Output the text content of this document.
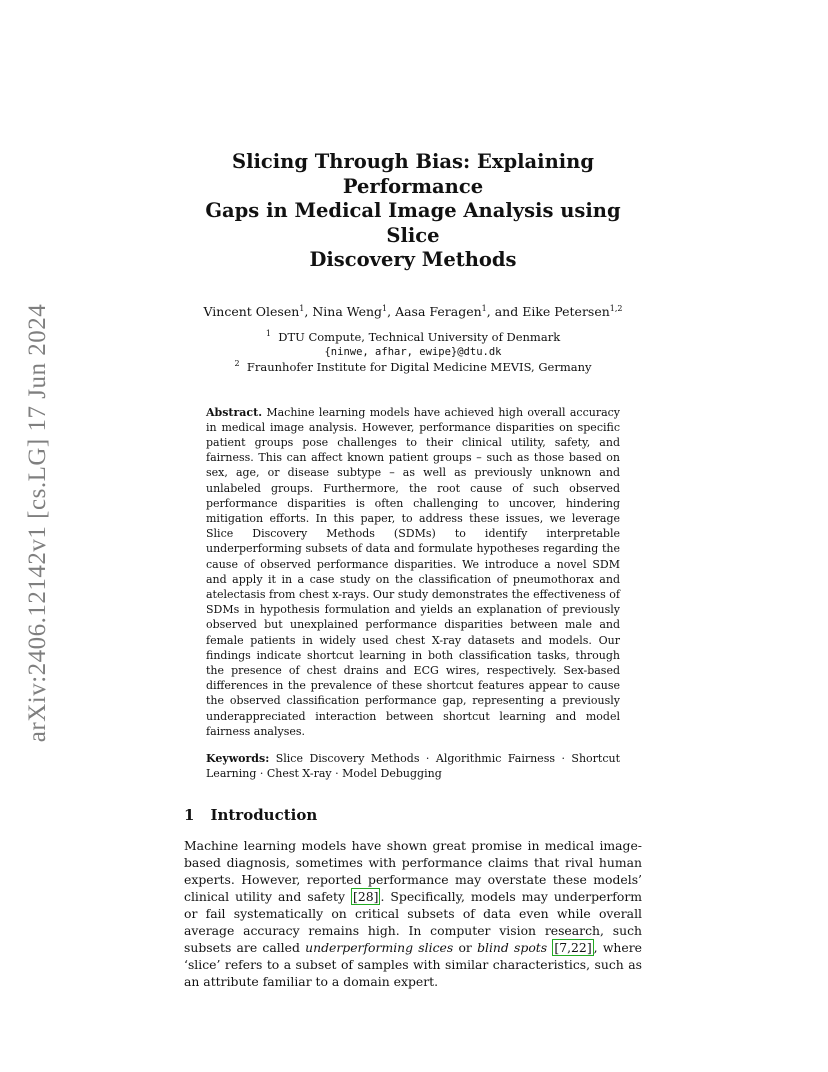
arXiv:2406.12142v1 [cs.LG] 17 Jun 2024
Slicing Through Bias: Explaining Performance
Gaps in Medical Image Analysis using Slice
Discovery Methods
Vincent Olesen$^1$, Nina Weng$^1$, Aasa Feragen$^1$, and Eike Petersen$^{1,2}$
$^1$ DTU Compute, Technical University of Denmark
{ninwe, afhar, ewipe}@dtu.dk
$^2$ Fraunhofer Institute for Digital Medicine MEVIS, Germany
Abstract. Machine learning models have achieved high overall accuracy in medical image analysis. However, performance disparities on specific patient groups pose challenges to their clinical utility, safety, and fairness. This can affect known patient groups – such as those based on sex, age, or disease subtype – as well as previously unknown and unlabeled groups. Furthermore, the root cause of such observed performance disparities is often challenging to uncover, hindering mitigation efforts. In this paper, to address these issues, we leverage Slice Discovery Methods (SDMs) to identify interpretable underperforming subsets of data and formulate hypotheses regarding the cause of observed performance disparities. We introduce a novel SDM and apply it in a case study on the classification of pneumothorax and atelectasis from chest x-rays. Our study demonstrates the effectiveness of SDMs in hypothesis formulation and yields an explanation of previously observed but unexplained performance disparities between male and female patients in widely used chest X-ray datasets and models. Our findings indicate shortcut learning in both classification tasks, through the presence of chest drains and ECG wires, respectively. Sex-based differences in the prevalence of these shortcut features appear to cause the observed classification performance gap, representing a previously underappreciated interaction between shortcut learning and model fairness analyses.
Keywords: Slice Discovery Methods · Algorithmic Fairness · Shortcut Learning · Chest X-ray · Model Debugging
1 Introduction
Machine learning models have shown great promise in medical image-based diagnosis, sometimes with performance claims that rival human experts. However, reported performance may overstate these models’ clinical utility and safety [28] . Specifically, models may underperform or fail systematically on critical subsets of data even while overall average accuracy remains high. In computer vision research, such subsets are called underperforming slices or blind spots [7,22] , where ‘slice’ refers to a subset of samples with similar characteristics, such as an attribute familiar to a domain expert.
